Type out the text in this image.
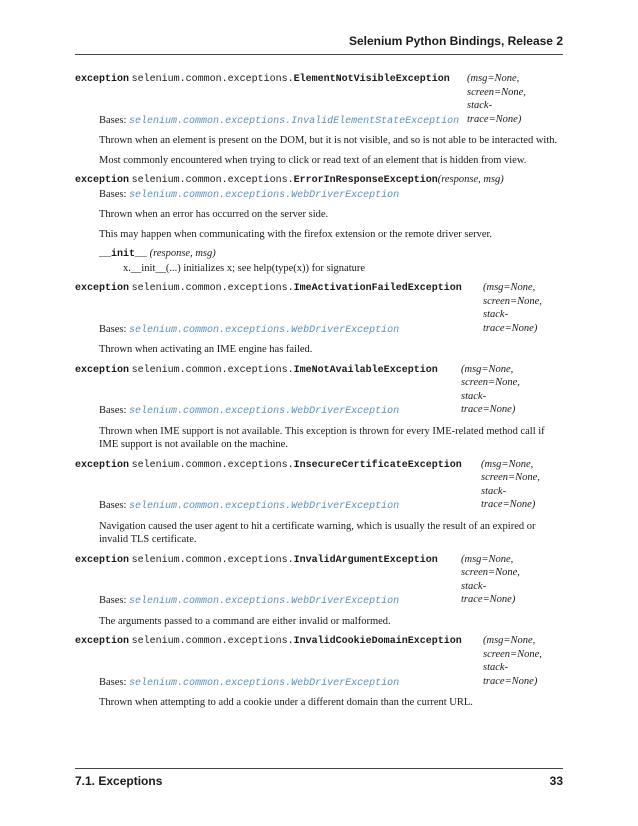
Selenium Python Bindings, Release 2
exception selenium.common.exceptions.ElementNotVisibleException (msg=None,
screen=None,
stack-
trace=None)
Bases: selenium.common.exceptions.InvalidElementStateException

Thrown when an element is present on the DOM, but it is not visible, and so is not able to be interacted with.

Most commonly encountered when trying to click or read text of an element that is hidden from view.

exception selenium.common.exceptions.ErrorInResponseException(response, msg)
Bases: selenium.common.exceptions.WebDriverException

Thrown when an error has occurred on the server side.

This may happen when communicating with the firefox extension or the remote driver server.

__init__ (response, msg)
x.__init__(...) initializes x; see help(type(x)) for signature
exception selenium.common.exceptions.ImeActivationFailedException (msg=None,
screen=None,
stack-
trace=None)
Bases: selenium.common.exceptions.WebDriverException

Thrown when activating an IME engine has failed.

exception selenium.common.exceptions.ImeNotAvailableException (msg=None,
screen=None,
stack-
trace=None)
Bases: selenium.common.exceptions.WebDriverException

Thrown when IME support is not available. This exception is thrown for every IME-related method call if IME support is not available on the machine.

exception selenium.common.exceptions.InsecureCertificateException (msg=None,
screen=None,
stack-
trace=None)
Bases: selenium.common.exceptions.WebDriverException

Navigation caused the user agent to hit a certificate warning, which is usually the result of an expired or invalid TLS certificate.

exception selenium.common.exceptions.InvalidArgumentException (msg=None,
screen=None,
stack-
trace=None)
Bases: selenium.common.exceptions.WebDriverException

The arguments passed to a command are either invalid or malformed.

exception selenium.common.exceptions.InvalidCookieDomainException (msg=None,
screen=None,
stack-
trace=None)
Bases: selenium.common.exceptions.WebDriverException

Thrown when attempting to add a cookie under a different domain than the current URL.

7.1. Exceptions	33
